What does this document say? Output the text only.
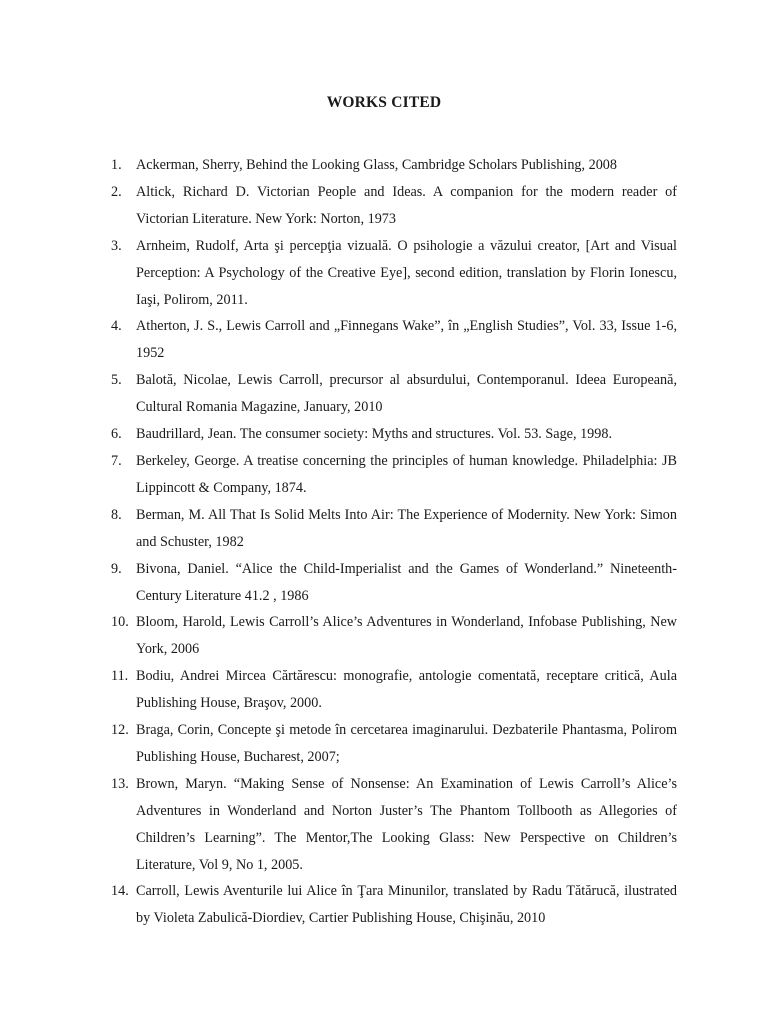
WORKS CITED
1. Ackerman, Sherry, Behind the Looking Glass, Cambridge Scholars Publishing, 2008
2. Altick, Richard D. Victorian People and Ideas. A companion for the modern reader of Victorian Literature. New York: Norton, 1973
3. Arnheim, Rudolf, Arta şi percepţia vizuală. O psihologie a văzului creator, [Art and Visual Perception: A Psychology of the Creative Eye], second edition, translation by Florin Ionescu, Iaşi, Polirom, 2011.
4. Atherton, J. S., Lewis Carroll and „Finnegans Wake”, în „English Studies”, Vol. 33, Issue 1-6, 1952
5. Balotă, Nicolae, Lewis Carroll, precursor al absurdului, Contemporanul. Ideea Europeană, Cultural Romania Magazine, January, 2010
6. Baudrillard, Jean. The consumer society: Myths and structures. Vol. 53. Sage, 1998.
7. Berkeley, George. A treatise concerning the principles of human knowledge. Philadelphia: JB Lippincott & Company, 1874.
8. Berman, M. All That Is Solid Melts Into Air: The Experience of Modernity. New York: Simon and Schuster, 1982
9. Bivona, Daniel. “Alice the Child-Imperialist and the Games of Wonderland.” Nineteenth-Century Literature 41.2 , 1986
10. Bloom, Harold, Lewis Carroll’s Alice’s Adventures in Wonderland, Infobase Publishing, New York, 2006
11. Bodiu, Andrei Mircea Cărtărescu: monografie, antologie comentată, receptare critică, Aula Publishing House, Braşov, 2000.
12. Braga, Corin, Concepte şi metode în cercetarea imaginarului. Dezbaterile Phantasma, Polirom Publishing House, Bucharest, 2007;
13. Brown, Maryn. “Making Sense of Nonsense: An Examination of Lewis Carroll’s Alice’s Adventures in Wonderland and Norton Juster’s The Phantom Tollbooth as Allegories of Children’s Learning”. The Mentor,The Looking Glass: New Perspective on Children’s Literature, Vol 9, No 1, 2005.
14. Carroll, Lewis Aventurile lui Alice în Ţara Minunilor, translated by Radu Tătărucă, ilustrated by Violeta Zabulică-Diordiev, Cartier Publishing House, Chişinău, 2010
